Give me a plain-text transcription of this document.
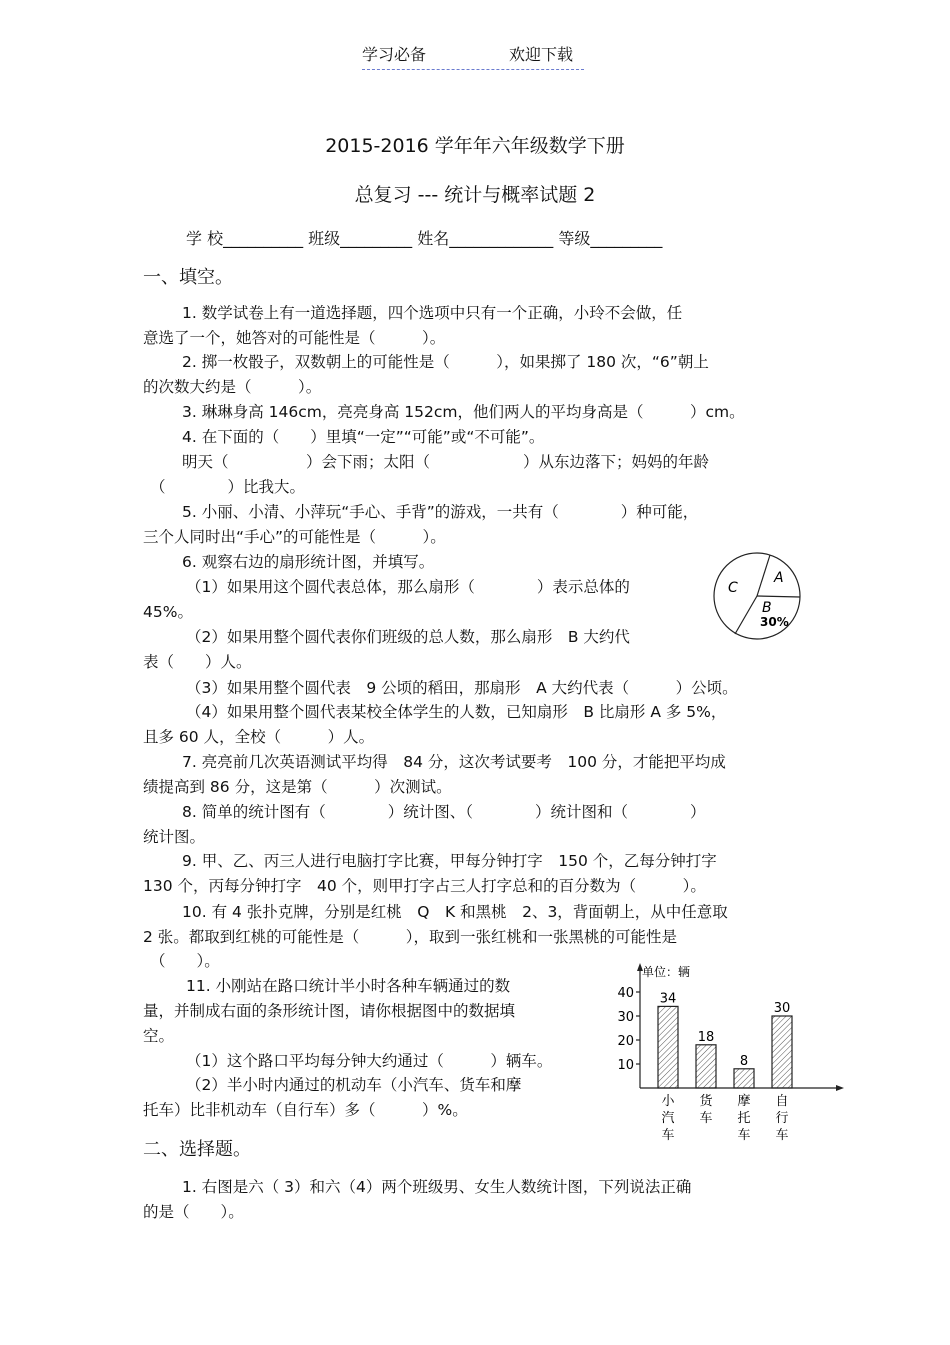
学习必备	欢迎下载
2015-2016 学年年六年级数学下册
总复习 --- 统计与概率试题 2
学 校__________ 班级_________ 姓名_____________ 等级_________
一、填空。
1. 数学试卷上有一道选择题，四个选项中只有一个正确，小玲不会做，任
意选了一个，她答对的可能性是（　　　）。
2. 掷一枚骰子，双数朝上的可能性是（　　　），如果掷了 180 次，“6”朝上
的次数大约是（　　　）。
3. 琳琳身高 146cm，亮亮身高 152cm，他们两人的平均身高是（　　　）cm。
4. 在下面的（　　）里填“一定”“可能”或“不可能”。
明天（　　　　　）会下雨；太阳（　　　　　　）从东边落下；妈妈的年龄
（　　　　）比我大。
5. 小丽、小清、小萍玩“手心、手背”的游戏，一共有（　　　　）种可能，
三个人同时出“手心”的可能性是（　　　）。
6. 观察右边的扇形统计图，并填写。
（1）如果用这个圆代表总体，那么扇形（　　　　）表示总体的
45%。
（2）如果用整个圆代表你们班级的总人数，那么扇形　B 大约代
表（　　）人。
（3）如果用整个圆代表　9 公顷的稻田，那扇形　A 大约代表（　　　）公顷。
（4）如果用整个圆代表某校全体学生的人数，已知扇形　B 比扇形 A 多 5%，
且多 60 人，全校（　　　）人。
7. 亮亮前几次英语测试平均得　84 分，这次考试要考　100 分，才能把平均成
绩提高到 86 分，这是第（　　　）次测试。
8. 简单的统计图有（　　　　）统计图、（　　　　）统计图和（　　　　）
统计图。
9. 甲、乙、丙三人进行电脑打字比赛，甲每分钟打字　150 个，乙每分钟打字
130 个，丙每分钟打字　40 个，则甲打字占三人打字总和的百分数为（　　　）。
10. 有 4 张扑克牌，分别是红桃　Q　K 和黑桃　2、3，背面朝上，从中任意取
2 张。都取到红桃的可能性是（　　　），取到一张红桃和一张黑桃的可能性是
（　　）。
11. 小刚站在路口统计半小时各种车辆通过的数
量，并制成右面的条形统计图，请你根据图中的数据填
空。
（1）这个路口平均每分钟大约通过（　　　）辆车。
（2）半小时内通过的机动车（小汽车、货车和摩
托车）比非机动车（自行车）多（　　　）%。
二、选择题。
1. 右图是六（ 3）和六（4）两个班级男、女生人数统计图，下列说法正确
的是（　　）。
A
B
30%
C
单位：辆
10
20
30
40 34
小
汽
车
18
货
车
8
摩
托
车
30
自
行
车
